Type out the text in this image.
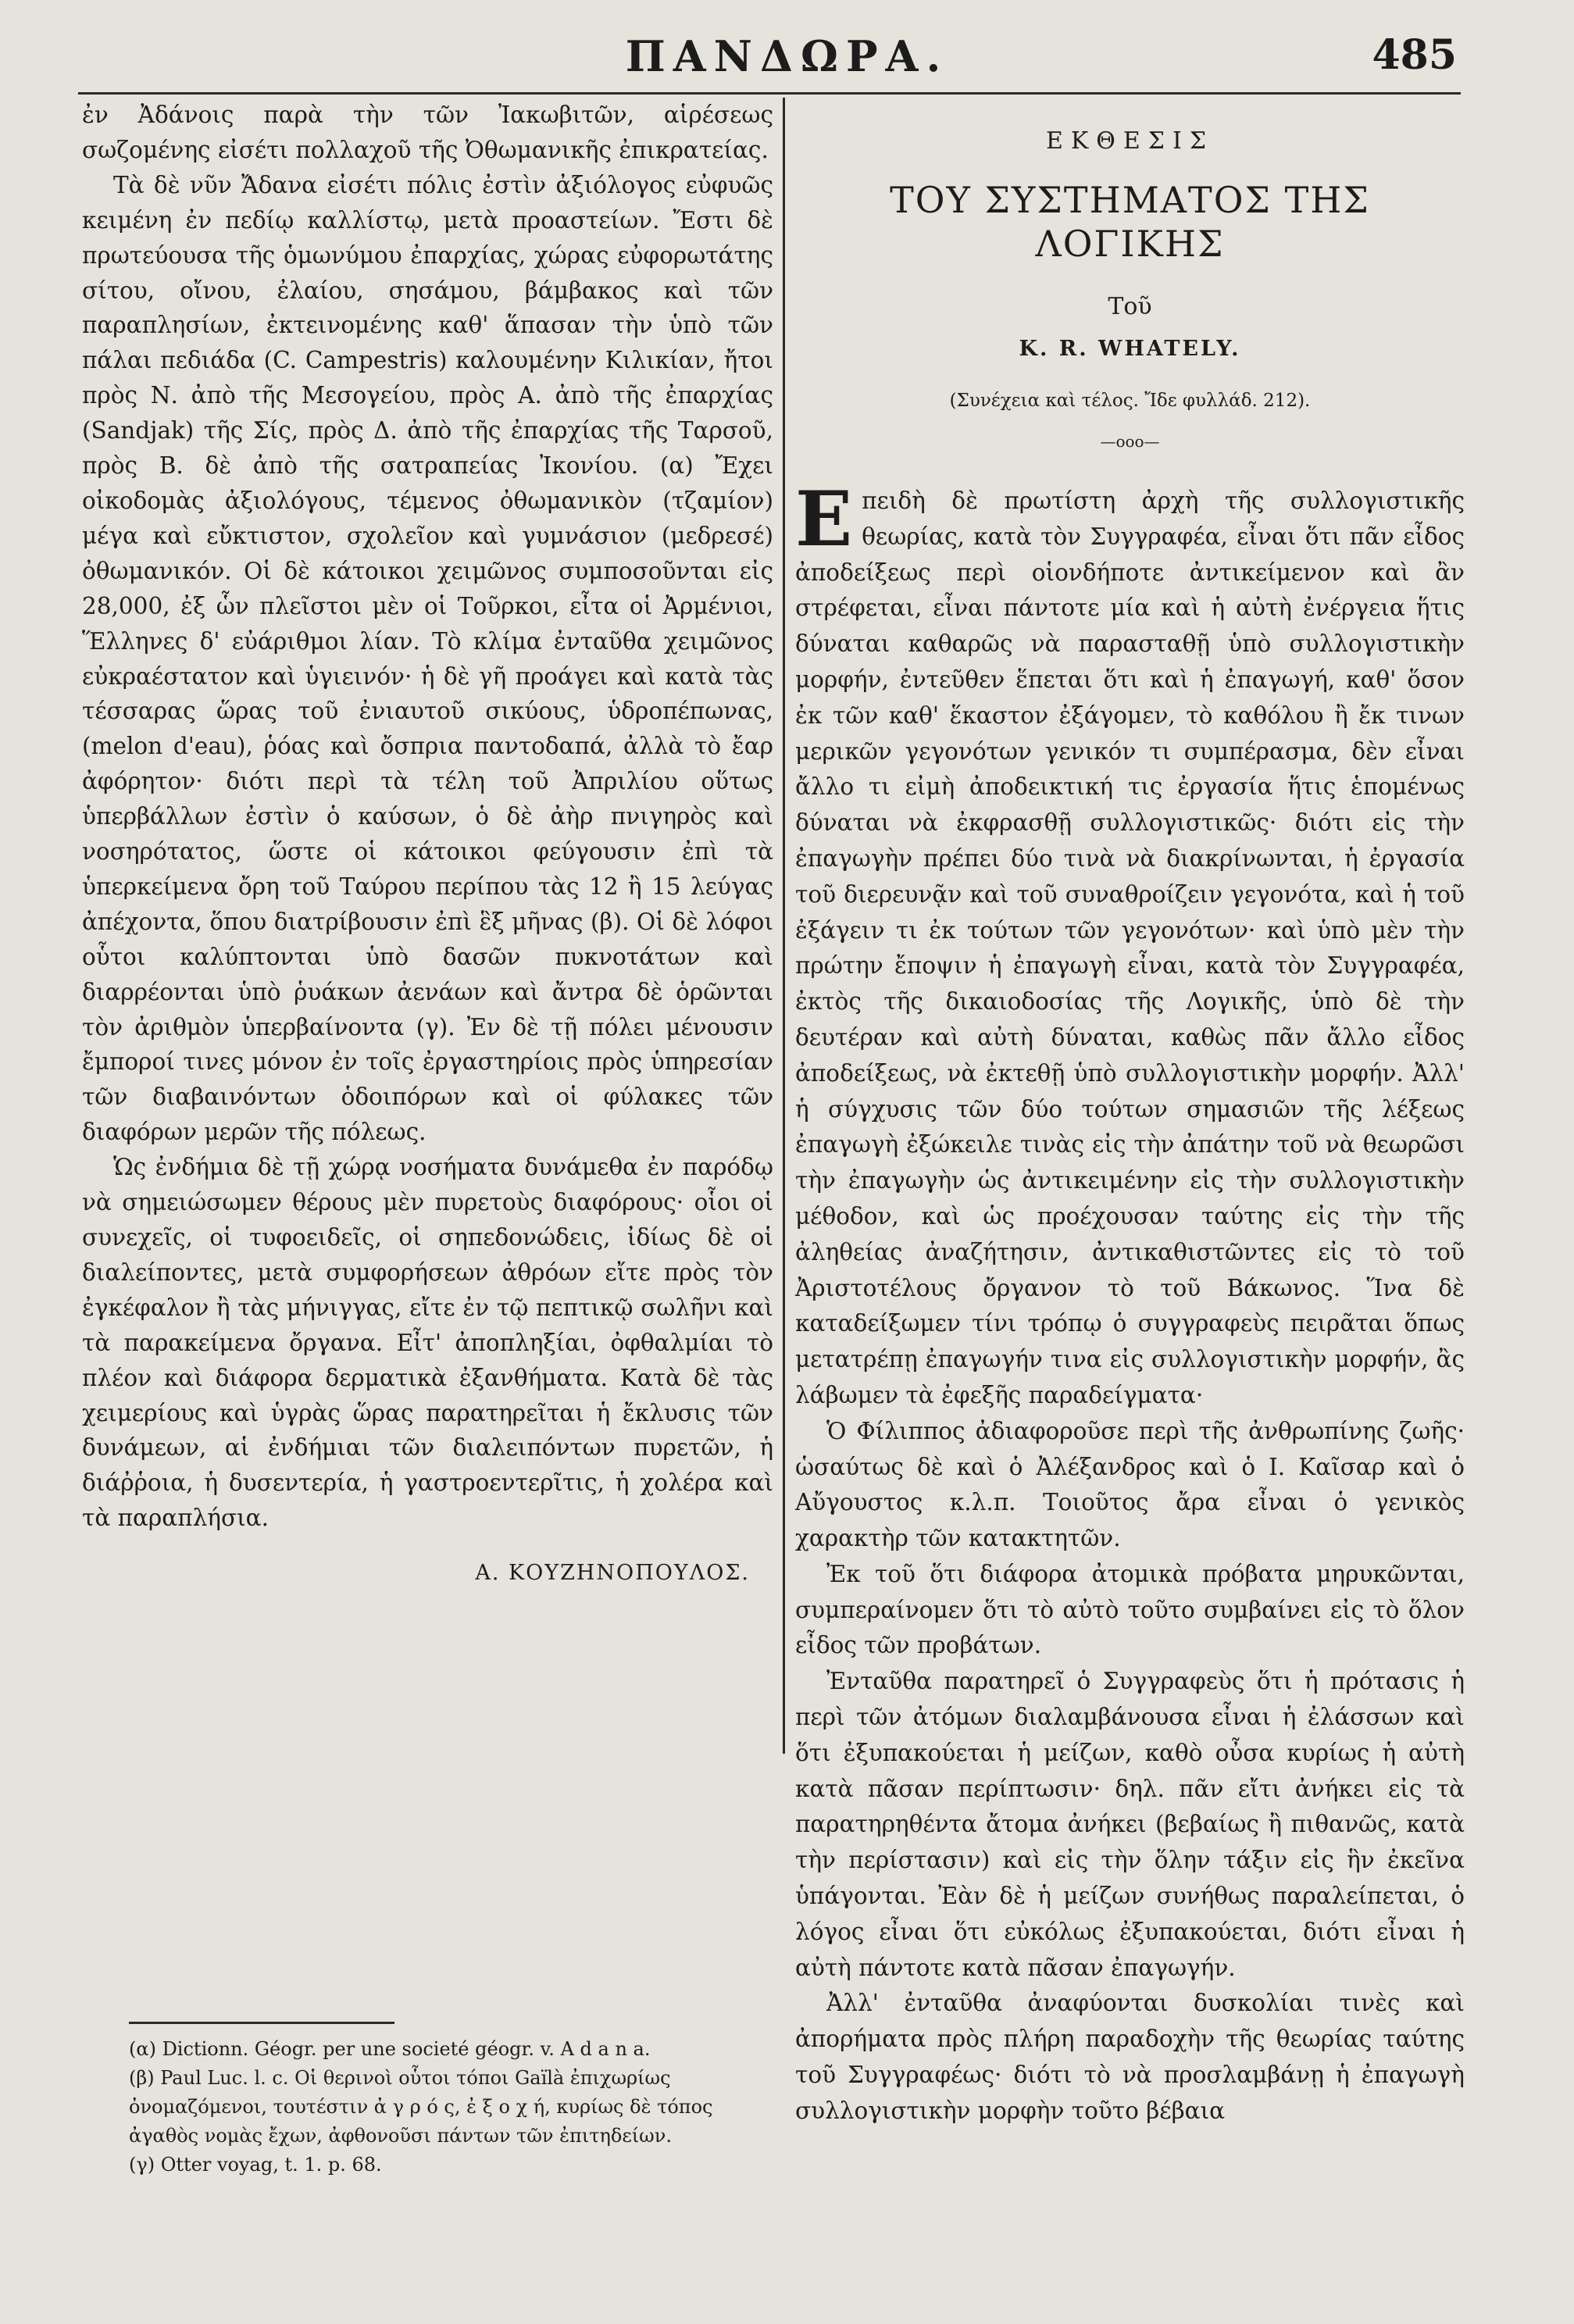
ΠΑΝΔΩΡΑ.	485

ἐν Ἀδάνοις παρὰ τὴν τῶν Ἰακωβιτῶν, αἱρέσεως σωζομένης εἰσέτι πολλαχοῦ τῆς Ὀθωμανικῆς ἐπικρατείας.

Τὰ δὲ νῦν Ἄδανα εἰσέτι πόλις ἐστὶν ἀξιόλογος εὐφυῶς κειμένη ἐν πεδίῳ καλλίστῳ, μετὰ προαστείων. Ἔστι δὲ πρωτεύουσα τῆς ὁμωνύμου ἐπαρχίας, χώρας εὐφορωτάτης σίτου, οἴνου, ἐλαίου, σησάμου, βάμβακος καὶ τῶν παραπλησίων, ἐκτεινομένης καθ' ἅπασαν τὴν ὑπὸ τῶν πάλαι πεδιάδα (C. Campestris) καλουμένην Κιλικίαν, ἤτοι πρὸς Ν. ἀπὸ τῆς Μεσογείου, πρὸς Α. ἀπὸ τῆς ἐπαρχίας (Sandjak) τῆς Σίς, πρὸς Δ. ἀπὸ τῆς ἐπαρχίας τῆς Ταρσοῦ, πρὸς Β. δὲ ἀπὸ τῆς σατραπείας Ἰκονίου. (α) Ἔχει οἰκοδομὰς ἀξιολόγους, τέμενος ὀθωμανικὸν (τζαμίον) μέγα καὶ εὔκτιστον, σχολεῖον καὶ γυμνάσιον (μεδρεσέ) ὀθωμανικόν. Οἱ δὲ κάτοικοι χειμῶνος συμποσοῦνται εἰς 28,000, ἐξ ὧν πλεῖστοι μὲν οἱ Τοῦρκοι, εἶτα οἱ Ἀρμένιοι, Ἕλληνες δ' εὐάριθμοι λίαν. Τὸ κλίμα ἐνταῦθα χειμῶνος εὐκραέστατον καὶ ὑγιεινόν· ἡ δὲ γῆ προάγει καὶ κατὰ τὰς τέσσαρας ὥρας τοῦ ἐνιαυτοῦ σικύους, ὑδροπέπωνας, (melon d'eau), ῥόας καὶ ὄσπρια παντοδαπά, ἀλλὰ τὸ ἔαρ ἀφόρητον· διότι περὶ τὰ τέλη τοῦ Ἀπριλίου οὕτως ὑπερβάλλων ἐστὶν ὁ καύσων, ὁ δὲ ἀὴρ πνιγηρὸς καὶ νοσηρότατος, ὥστε οἱ κάτοικοι φεύγουσιν ἐπὶ τὰ ὑπερκείμενα ὄρη τοῦ Ταύρου περίπου τὰς 12 ἢ 15 λεύγας ἀπέχοντα, ὅπου διατρίβουσιν ἐπὶ ἓξ μῆνας (β). Οἱ δὲ λόφοι οὗτοι καλύπτονται ὑπὸ δασῶν πυκνοτάτων καὶ διαρρέονται ὑπὸ ῥυάκων ἀενάων καὶ ἄντρα δὲ ὁρῶνται τὸν ἀριθμὸν ὑπερβαίνοντα (γ). Ἐν δὲ τῇ πόλει μένουσιν ἔμποροί τινες μόνον ἐν τοῖς ἐργαστηρίοις πρὸς ὑπηρεσίαν τῶν διαβαινόντων ὁδοιπόρων καὶ οἱ φύλακες τῶν διαφόρων μερῶν τῆς πόλεως.

Ὡς ἐνδήμια δὲ τῇ χώρᾳ νοσήματα δυνάμεθα ἐν παρόδῳ νὰ σημειώσωμεν θέρους μὲν πυρετοὺς διαφόρους· οἷοι οἱ συνεχεῖς, οἱ τυφοειδεῖς, οἱ σηπεδονώδεις, ἰδίως δὲ οἱ διαλείποντες, μετὰ συμφορήσεων ἀθρόων εἴτε πρὸς τὸν ἐγκέφαλον ἢ τὰς μήνιγγας, εἴτε ἐν τῷ πεπτικῷ σωλῆνι καὶ τὰ παρακείμενα ὄργανα. Εἶτ' ἀποπληξίαι, ὀφθαλμίαι τὸ πλέον καὶ διάφορα δερματικὰ ἐξανθήματα. Κατὰ δὲ τὰς χειμερίους καὶ ὑγρὰς ὥρας παρατηρεῖται ἡ ἔκλυσις τῶν δυνάμεων, αἱ ἐνδήμιαι τῶν διαλειπόντων πυρετῶν, ἡ διάῤῥοια, ἡ δυσεντερία, ἡ γαστροεντερῖτις, ἡ χολέρα καὶ τὰ παραπλήσια.

Α. ΚΟΥΖΗΝΟΠΟΥΛΟΣ.

(α) Dictionn. Géogr. per une societé géogr. v. A d a n a.

(β) Paul Luc. l. c. Οἱ θερινοὶ οὗτοι τόποι Gaïlà ἐπιχωρίως ὀνομαζόμενοι, τουτέστιν ἀ γ ρ ό ς, ἐ ξ ο χ ή, κυρίως δὲ τόπος ἀγαθὸς νομὰς ἔχων, ἀφθονοῦσι πάντων τῶν ἐπιτηδείων.

(γ) Otter voyag, t. 1. p. 68.

ΕΚΘΕΣΙΣ

ΤΟΥ ΣΥΣΤΗΜΑΤΟΣ ΤΗΣ ΛΟΓΙΚΗΣ

Τοῦ

K. R. WHATELY.

(Συνέχεια καὶ τέλος. Ἴδε φυλλάδ. 212).

—ooo—

Επειδὴ δὲ πρωτίστη ἀρχὴ τῆς συλλογιστικῆς θεωρίας, κατὰ τὸν Συγγραφέα, εἶναι ὅτι πᾶν εἶδος ἀποδείξεως περὶ οἱονδήποτε ἀντικείμενον καὶ ἂν στρέφεται, εἶναι πάντοτε μία καὶ ἡ αὐτὴ ἐνέργεια ἥτις δύναται καθαρῶς νὰ παρασταθῇ ὑπὸ συλλογιστικὴν μορφήν, ἐντεῦθεν ἕπεται ὅτι καὶ ἡ ἐπαγωγή, καθ' ὅσον ἐκ τῶν καθ' ἕκαστον ἐξάγομεν, τὸ καθόλου ἢ ἔκ τινων μερικῶν γεγονότων γενικόν τι συμπέρασμα, δὲν εἶναι ἄλλο τι εἰμὴ ἀποδεικτική τις ἐργασία ἥτις ἑπομένως δύναται νὰ ἐκφρασθῇ συλλογιστικῶς· διότι εἰς τὴν ἐπαγωγὴν πρέπει δύο τινὰ νὰ διακρίνωνται, ἡ ἐργασία τοῦ διερευνᾷν καὶ τοῦ συναθροίζειν γεγονότα, καὶ ἡ τοῦ ἐξάγειν τι ἐκ τούτων τῶν γεγονότων· καὶ ὑπὸ μὲν τὴν πρώτην ἔποψιν ἡ ἐπαγωγὴ εἶναι, κατὰ τὸν Συγγραφέα, ἐκτὸς τῆς δικαιοδοσίας τῆς Λογικῆς, ὑπὸ δὲ τὴν δευτέραν καὶ αὐτὴ δύναται, καθὼς πᾶν ἄλλο εἶδος ἀποδείξεως, νὰ ἐκτεθῇ ὑπὸ συλλογιστικὴν μορφήν. Ἀλλ' ἡ σύγχυσις τῶν δύο τούτων σημασιῶν τῆς λέξεως ἐπαγωγὴ ἐξώκειλε τινὰς εἰς τὴν ἀπάτην τοῦ νὰ θεωρῶσι τὴν ἐπαγωγὴν ὡς ἀντικειμένην εἰς τὴν συλλογιστικὴν μέθοδον, καὶ ὡς προέχουσαν ταύτης εἰς τὴν τῆς ἀληθείας ἀναζήτησιν, ἀντικαθιστῶντες εἰς τὸ τοῦ Ἀριστοτέλους ὄργανον τὸ τοῦ Βάκωνος. Ἵνα δὲ καταδείξωμεν τίνι τρόπῳ ὁ συγγραφεὺς πειρᾶται ὅπως μετατρέπῃ ἐπαγωγήν τινα εἰς συλλογιστικὴν μορφήν, ἂς λάβωμεν τὰ ἐφεξῆς παραδείγματα·

Ὁ Φίλιππος ἀδιαφοροῦσε περὶ τῆς ἀνθρωπίνης ζωῆς· ὡσαύτως δὲ καὶ ὁ Ἀλέξανδρος καὶ ὁ Ι. Καῖσαρ καὶ ὁ Αὔγουστος κ.λ.π. Τοιοῦτος ἄρα εἶναι ὁ γενικὸς χαρακτὴρ τῶν κατακτητῶν.

Ἐκ τοῦ ὅτι διάφορα ἀτομικὰ πρόβατα μηρυκῶνται, συμπεραίνομεν ὅτι τὸ αὐτὸ τοῦτο συμβαίνει εἰς τὸ ὅλον εἶδος τῶν προβάτων.

Ἐνταῦθα παρατηρεῖ ὁ Συγγραφεὺς ὅτι ἡ πρότασις ἡ περὶ τῶν ἀτόμων διαλαμβάνουσα εἶναι ἡ ἐλάσσων καὶ ὅτι ἐξυπακούεται ἡ μείζων, καθὸ οὖσα κυρίως ἡ αὐτὴ κατὰ πᾶσαν περίπτωσιν· δηλ. πᾶν εἴτι ἀνήκει εἰς τὰ παρατηρηθέντα ἄτομα ἀνήκει (βεβαίως ἢ πιθανῶς, κατὰ τὴν περίστασιν) καὶ εἰς τὴν ὅλην τάξιν εἰς ἣν ἐκεῖνα ὑπάγονται. Ἐὰν δὲ ἡ μείζων συνήθως παραλείπεται, ὁ λόγος εἶναι ὅτι εὐκόλως ἐξυπακούεται, διότι εἶναι ἡ αὐτὴ πάντοτε κατὰ πᾶσαν ἐπαγωγήν.

Ἀλλ' ἐνταῦθα ἀναφύονται δυσκολίαι τινὲς καὶ ἀπορήματα πρὸς πλήρη παραδοχὴν τῆς θεωρίας ταύτης τοῦ Συγγραφέως· διότι τὸ νὰ προσλαμβάνῃ ἡ ἐπαγωγὴ συλλογιστικὴν μορφὴν τοῦτο βέβαια
